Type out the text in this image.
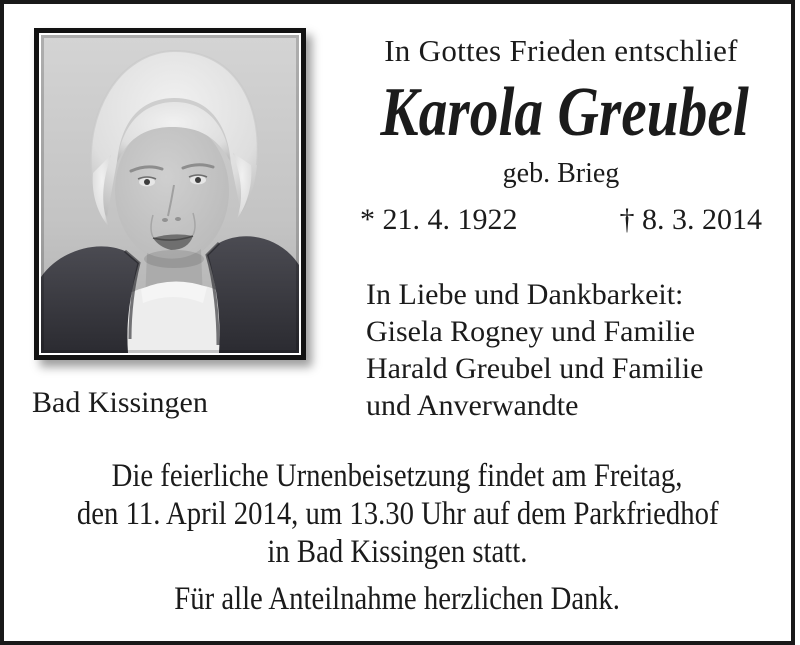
In Gottes Frieden entschlief
Karola Greubel
geb. Brieg
* 21. 4. 1922	† 8. 3. 2014
In Liebe und Dankbarkeit:
Gisela Rogney und Familie
Harald Greubel und Familie
und Anverwandte
Bad Kissingen
Die feierliche Urnenbeisetzung findet am Freitag,
den 11. April 2014, um 13.30 Uhr auf dem Parkfriedhof
in Bad Kissingen statt.
Für alle Anteilnahme herzlichen Dank.
